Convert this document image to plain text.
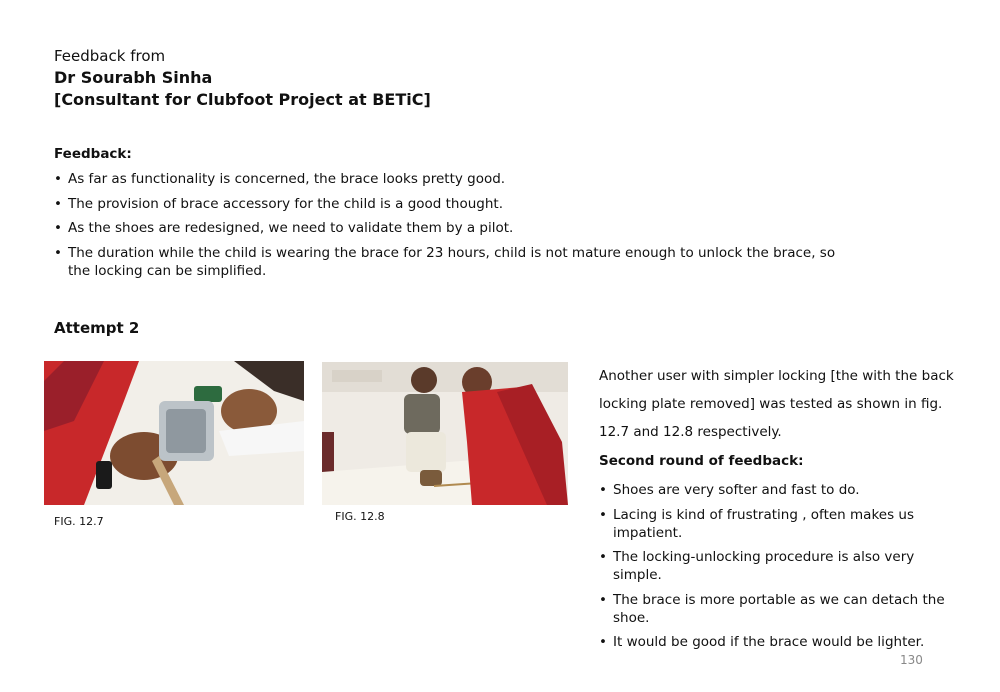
Feedback from
Dr Sourabh Sinha
[Consultant for Clubfoot Project at BETiC]
Feedback:
• As far as functionality is concerned, the brace looks pretty good.
• The provision of brace accessory for the child is a good thought.
• As the shoes are redesigned, we need to validate them by a pilot.
• The duration while the child is wearing the brace for 23 hours, child is not mature enough to unlock the brace, so the locking can be simplified.
Attempt 2
FIG. 12.7	FIG. 12.8
Another user with simpler locking [the with the back
locking plate removed] was tested as shown in fig.
12.7 and 12.8 respectively.
Second round of feedback:
• Shoes are very softer and fast to do.
• Lacing is kind of frustrating , often makes us impatient.
• The locking-unlocking procedure is also very simple.
• The brace is more portable as we can detach the shoe.
• It would be good if the brace would be lighter.
130
